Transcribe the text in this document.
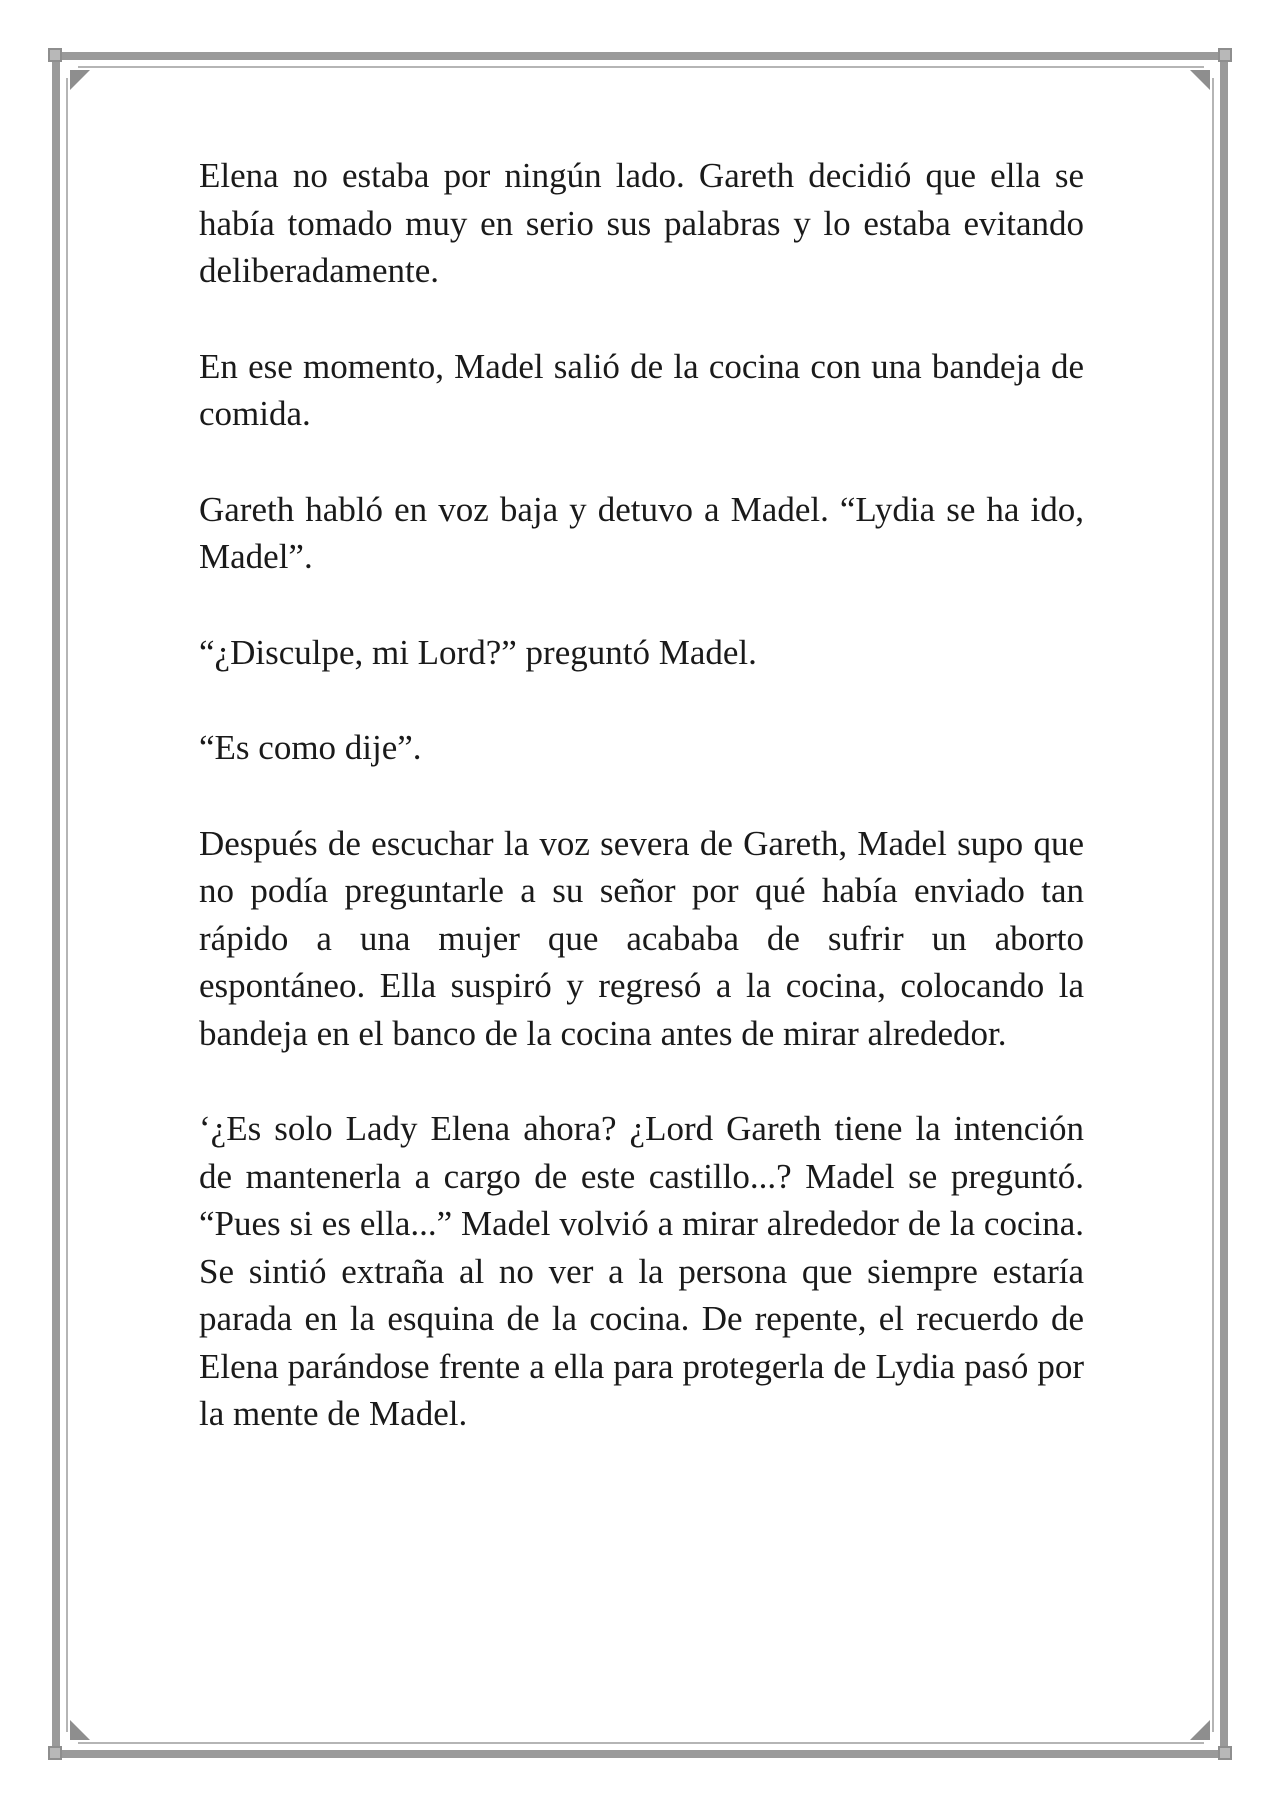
Elena no estaba por ningún lado. Gareth decidió que ella se había tomado muy en serio sus palabras y lo estaba evitando deliberadamente.

En ese momento, Madel salió de la cocina con una bandeja de comida.

Gareth habló en voz baja y detuvo a Madel. “Lydia se ha ido, Madel”.

“¿Disculpe, mi Lord?” preguntó Madel.

“Es como dije”.

Después de escuchar la voz severa de Gareth, Madel supo que no podía preguntarle a su señor por qué había enviado tan rápido a una mujer que acababa de sufrir un aborto espontáneo. Ella suspiró y regresó a la cocina, colocando la bandeja en el banco de la cocina antes de mirar alrededor.

‘¿Es solo Lady Elena ahora? ¿Lord Gareth tiene la intención de mantenerla a cargo de este castillo...? Madel se preguntó. “Pues si es ella...” Madel volvió a mirar alrededor de la cocina. Se sintió extraña al no ver a la persona que siempre estaría parada en la esquina de la cocina. De repente, el recuerdo de Elena parándose frente a ella para protegerla de Lydia pasó por la mente de Madel.
